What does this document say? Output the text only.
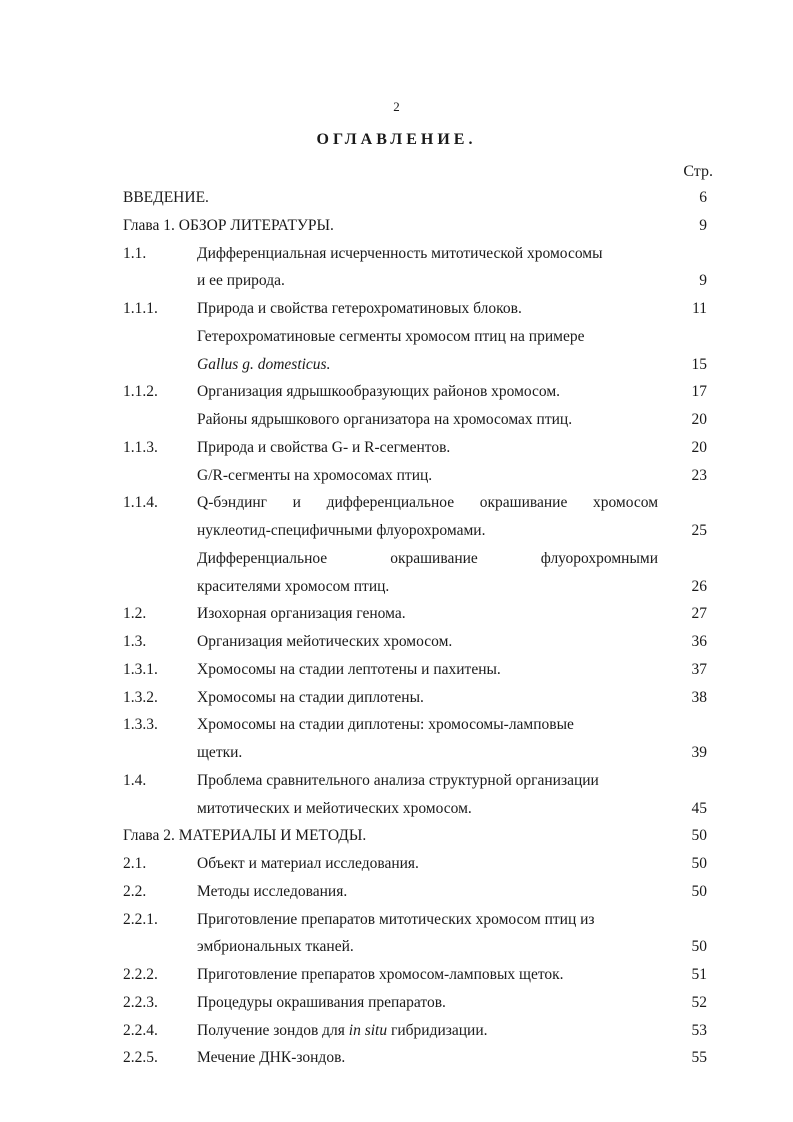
2
ОГЛАВЛЕНИЕ.
Стр.
ВВЕДЕНИЕ.	6
Глава 1. ОБЗОР ЛИТЕРАТУРЫ.	9
1.1.	Дифференциальная исчерченность митотической хромосомы
и ее природа.	9
1.1.1.	Природа и свойства гетерохроматиновых блоков.	11
Гетерохроматиновые сегменты хромосом птиц на примере
Gallus g. domesticus.	15
1.1.2.	Организация ядрышкообразующих районов хромосом.	17
Районы ядрышкового организатора на хромосомах птиц.	20
1.1.3.	Природа и свойства G- и R-сегментов.	20
G/R-сегменты на хромосомах птиц.	23
1.1.4.	Q-бэндинг и дифференциальное окрашивание хромосом
нуклеотид-специфичными флуорохромами.	25
Дифференциальное окрашивание флуорохромными
красителями хромосом птиц.	26
1.2.	Изохорная организация генома.	27
1.3.	Организация мейотических хромосом.	36
1.3.1.	Хромосомы на стадии лептотены и пахитены.	37
1.3.2.	Хромосомы на стадии диплотены.	38
1.3.3.	Хромосомы на стадии диплотены: хромосомы-ламповые
щетки.	39
1.4.	Проблема сравнительного анализа структурной организации
митотических и мейотических хромосом.	45
Глава 2. МАТЕРИАЛЫ И МЕТОДЫ.	50
2.1.	Объект и материал исследования.	50
2.2.	Методы исследования.	50
2.2.1.	Приготовление препаратов митотических хромосом птиц из
эмбриональных тканей.	50
2.2.2.	Приготовление препаратов хромосом-ламповых щеток.	51
2.2.3.	Процедуры окрашивания препаратов.	52
2.2.4.	Получение зондов для in situ гибридизации.	53
2.2.5.	Мечение ДНК-зондов.	55
